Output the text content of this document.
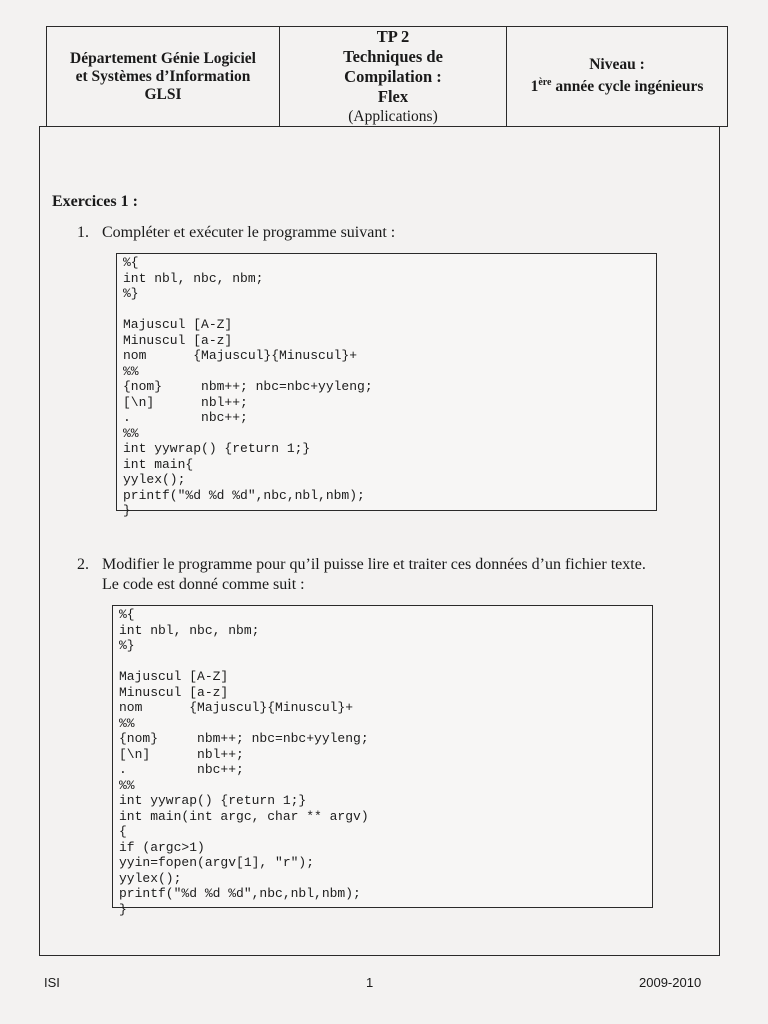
Département Génie Logiciel
et Systèmes d’Information
GLSI
TP 2
Techniques de
Compilation :
Flex
(Applications)
Niveau :
1ère année cycle ingénieurs
Exercices 1 :
1. Compléter et exécuter le programme suivant :
%{
int nbl, nbc, nbm;
%}

Majuscul [A-Z]
Minuscul [a-z]
nom      {Majuscul}{Minuscul}+
%%
{nom}     nbm++; nbc=nbc+yyleng;
[\n]      nbl++;
.         nbc++;
%%
int yywrap() {return 1;}
int main{
yylex();
printf("%d %d %d",nbc,nbl,nbm);
}
2. Modifier le programme pour qu’il puisse lire et traiter ces données d’un fichier texte.
Le code est donné comme suit :
%{
int nbl, nbc, nbm;
%}

Majuscul [A-Z]
Minuscul [a-z]
nom      {Majuscul}{Minuscul}+
%%
{nom}     nbm++; nbc=nbc+yyleng;
[\n]      nbl++;
.         nbc++;
%%
int yywrap() {return 1;}
int main(int argc, char ** argv)
{
if (argc>1)
yyin=fopen(argv[1], "r");
yylex();
printf("%d %d %d",nbc,nbl,nbm);
}
ISI	1	2009-2010
